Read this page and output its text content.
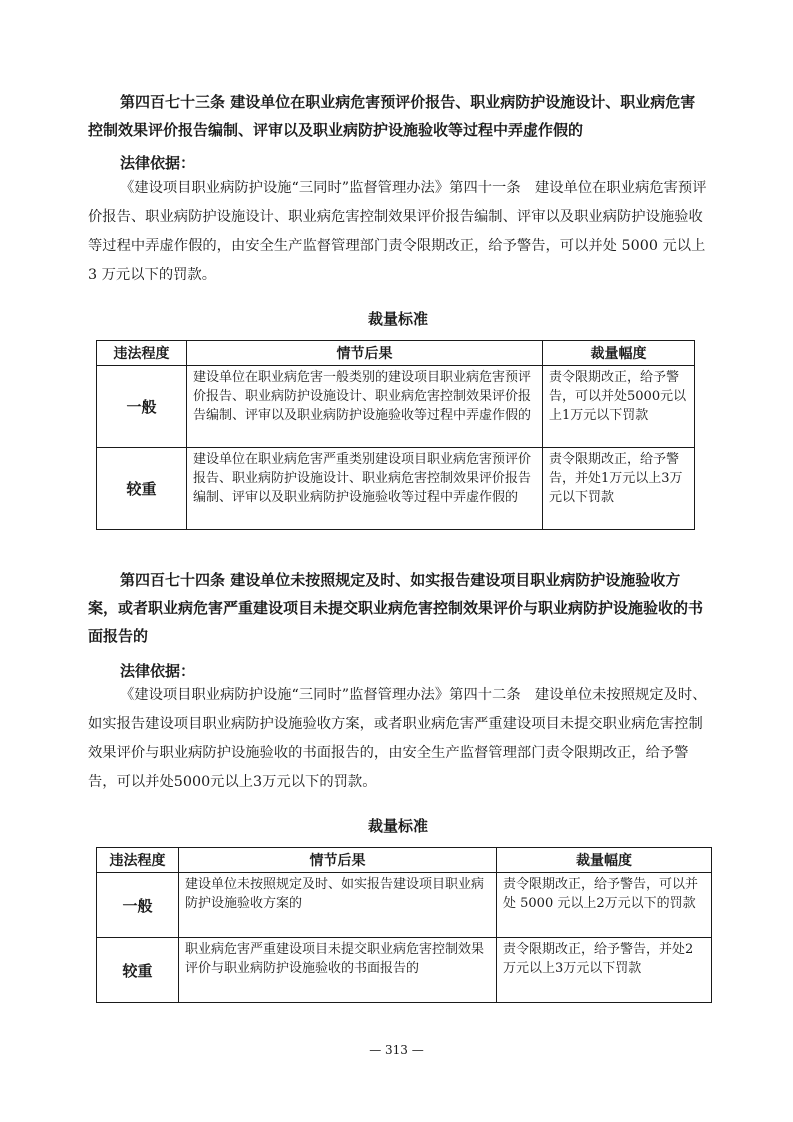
第四百七十三条 建设单位在职业病危害预评价报告、职业病防护设施设计、职业病危害控制效果评价报告编制、评审以及职业病防护设施验收等过程中弄虚作假的

法律依据：

《建设项目职业病防护设施“三同时”监督管理办法》第四十一条　建设单位在职业病危害预评价报告、职业病防护设施设计、职业病危害控制效果评价报告编制、评审以及职业病防护设施验收等过程中弄虚作假的，由安全生产监督管理部门责令限期改正，给予警告，可以并处 5000 元以上 3 万元以下的罚款。

裁量标准

违法程度	情节后果	裁量幅度
一般	建设单位在职业病危害一般类别的建设项目职业病危害预评价报告、职业病防护设施设计、职业病危害控制效果评价报告编制、评审以及职业病防护设施验收等过程中弄虚作假的	责令限期改正，给予警告，可以并处5000元以上1万元以下罚款
较重	建设单位在职业病危害严重类别建设项目职业病危害预评价报告、职业病防护设施设计、职业病危害控制效果评价报告编制、评审以及职业病防护设施验收等过程中弄虚作假的	责令限期改正，给予警告，并处1万元以上3万元以下罚款

第四百七十四条 建设单位未按照规定及时、如实报告建设项目职业病防护设施验收方案，或者职业病危害严重建设项目未提交职业病危害控制效果评价与职业病防护设施验收的书面报告的

法律依据：

《建设项目职业病防护设施“三同时”监督管理办法》第四十二条　建设单位未按照规定及时、如实报告建设项目职业病防护设施验收方案，或者职业病危害严重建设项目未提交职业病危害控制效果评价与职业病防护设施验收的书面报告的，由安全生产监督管理部门责令限期改正，给予警告，可以并处5000元以上3万元以下的罚款。

裁量标准

违法程度	情节后果	裁量幅度
一般	建设单位未按照规定及时、如实报告建设项目职业病防护设施验收方案的	责令限期改正，给予警告，可以并处 5000 元以上2万元以下的罚款
较重	职业病危害严重建设项目未提交职业病危害控制效果评价与职业病防护设施验收的书面报告的	责令限期改正，给予警告，并处2万元以上3万元以下罚款
— 313 —
